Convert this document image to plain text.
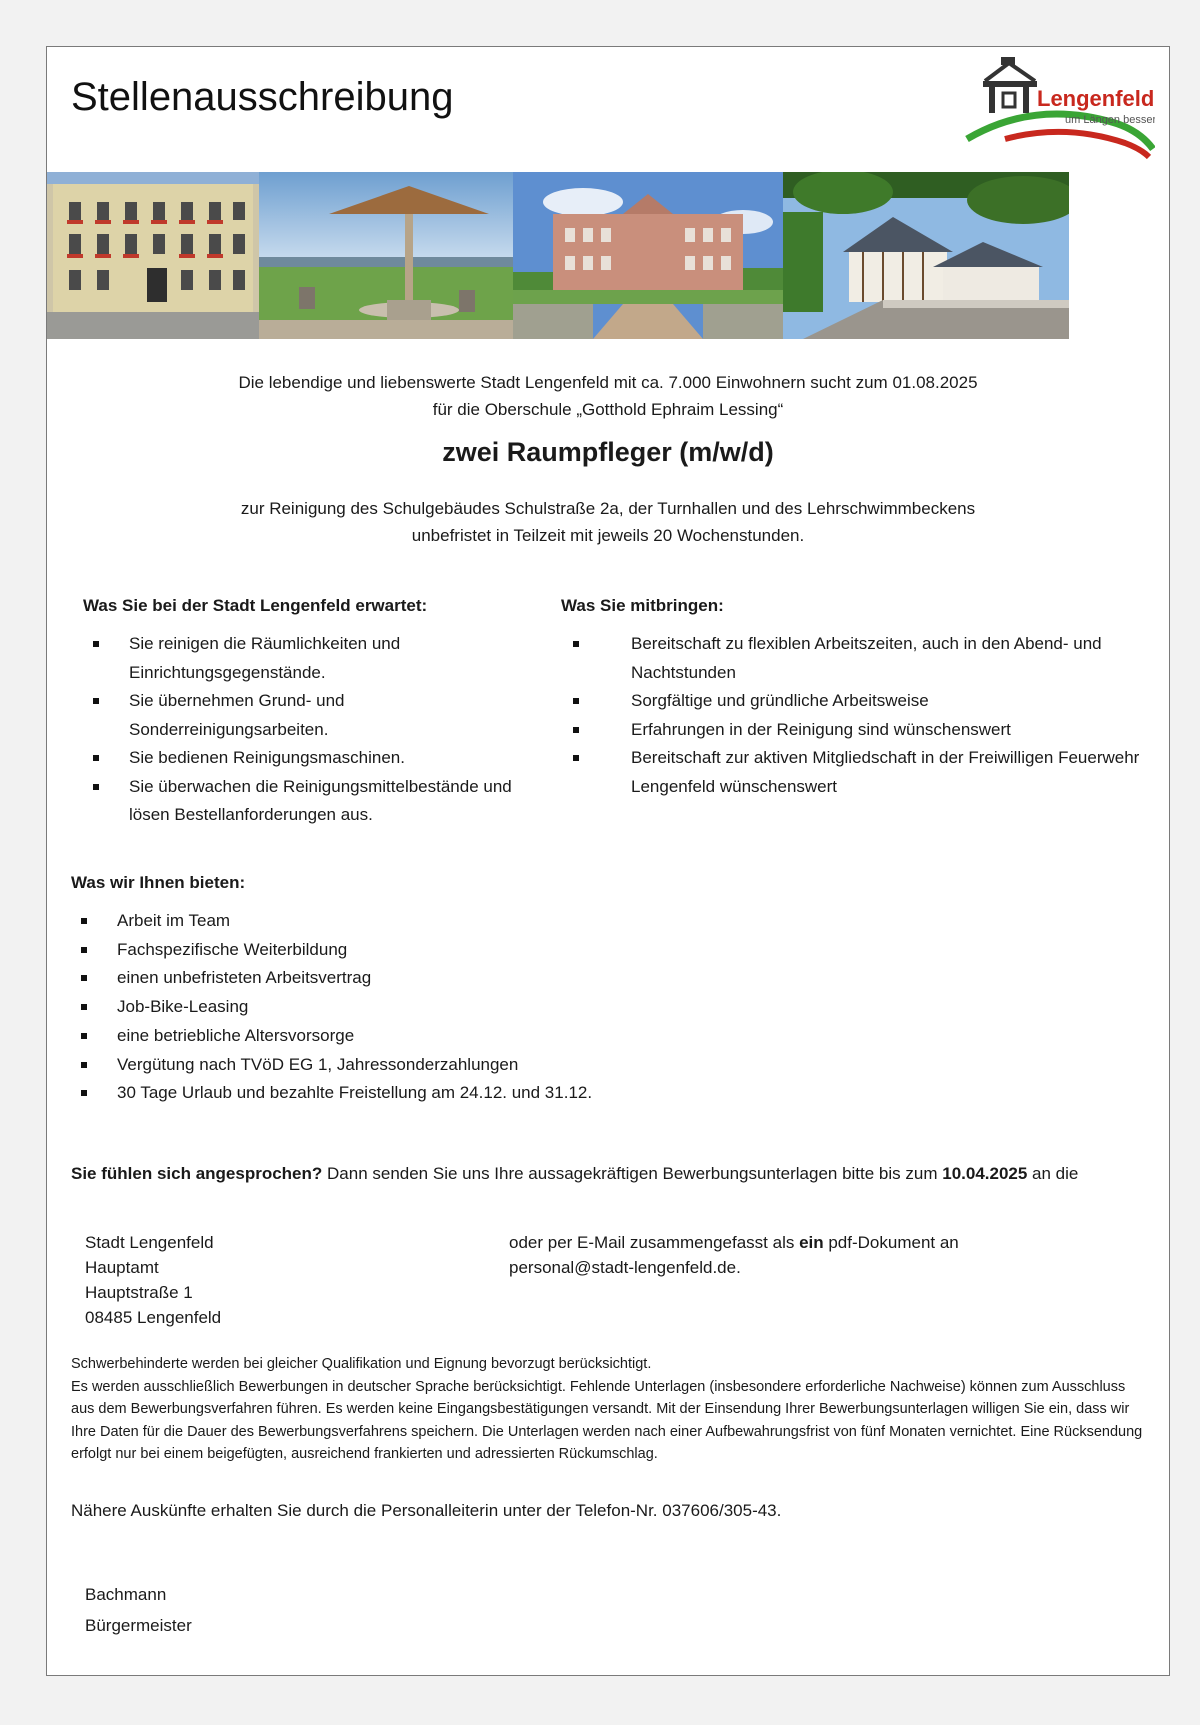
Stellenausschreibung	Lengenfeld
um Längen besser
Die lebendige und liebenswerte Stadt Lengenfeld mit ca. 7.000 Einwohnern sucht zum 01.08.2025
für die Oberschule „Gotthold Ephraim Lessing“
zwei Raumpfleger (m/w/d)
zur Reinigung des Schulgebäudes Schulstraße 2a, der Turnhallen und des Lehrschwimmbeckens
unbefristet in Teilzeit mit jeweils 20 Wochenstunden.
Was Sie bei der Stadt Lengenfeld erwartet:
Sie reinigen die Räumlichkeiten und Einrichtungsgegenstände.
Sie übernehmen Grund- und Sonderreinigungsarbeiten.
Sie bedienen Reinigungsmaschinen.
Sie überwachen die Reinigungsmittelbestände und lösen Bestellanforderungen aus.
Was Sie mitbringen:
Bereitschaft zu flexiblen Arbeitszeiten, auch in den Abend- und Nachtstunden
Sorgfältige und gründliche Arbeitsweise
Erfahrungen in der Reinigung sind wünschenswert
Bereitschaft zur aktiven Mitgliedschaft in der Freiwilligen Feuerwehr Lengenfeld wünschenswert
Was wir Ihnen bieten:
Arbeit im Team
Fachspezifische Weiterbildung
einen unbefristeten Arbeitsvertrag
Job-Bike-Leasing
eine betriebliche Altersvorsorge
Vergütung nach TVöD EG 1, Jahressonderzahlungen
30 Tage Urlaub und bezahlte Freistellung am 24.12. und 31.12.
Sie fühlen sich angesprochen? Dann senden Sie uns Ihre aussagekräftigen Bewerbungsunterlagen bitte bis zum 10.04.2025 an die
Stadt Lengenfeld
Hauptamt
Hauptstraße 1
08485 Lengenfeld
oder per E-Mail zusammengefasst als ein pdf-Dokument an
personal@stadt-lengenfeld.de.
Schwerbehinderte werden bei gleicher Qualifikation und Eignung bevorzugt berücksichtigt.
Es werden ausschließlich Bewerbungen in deutscher Sprache berücksichtigt. Fehlende Unterlagen (insbesondere erforderliche Nachweise) können zum Ausschluss aus dem Bewerbungsverfahren führen. Es werden keine Eingangsbestätigungen versandt. Mit der Einsendung Ihrer Bewerbungsunterlagen willigen Sie ein, dass wir Ihre Daten für die Dauer des Bewerbungsverfahrens speichern. Die Unterlagen werden nach einer Aufbewahrungsfrist von fünf Monaten vernichtet. Eine Rücksendung erfolgt nur bei einem beigefügten, ausreichend frankierten und adressierten Rückumschlag.
Nähere Auskünfte erhalten Sie durch die Personalleiterin unter der Telefon-Nr. 037606/305-43.
Bachmann
Bürgermeister
